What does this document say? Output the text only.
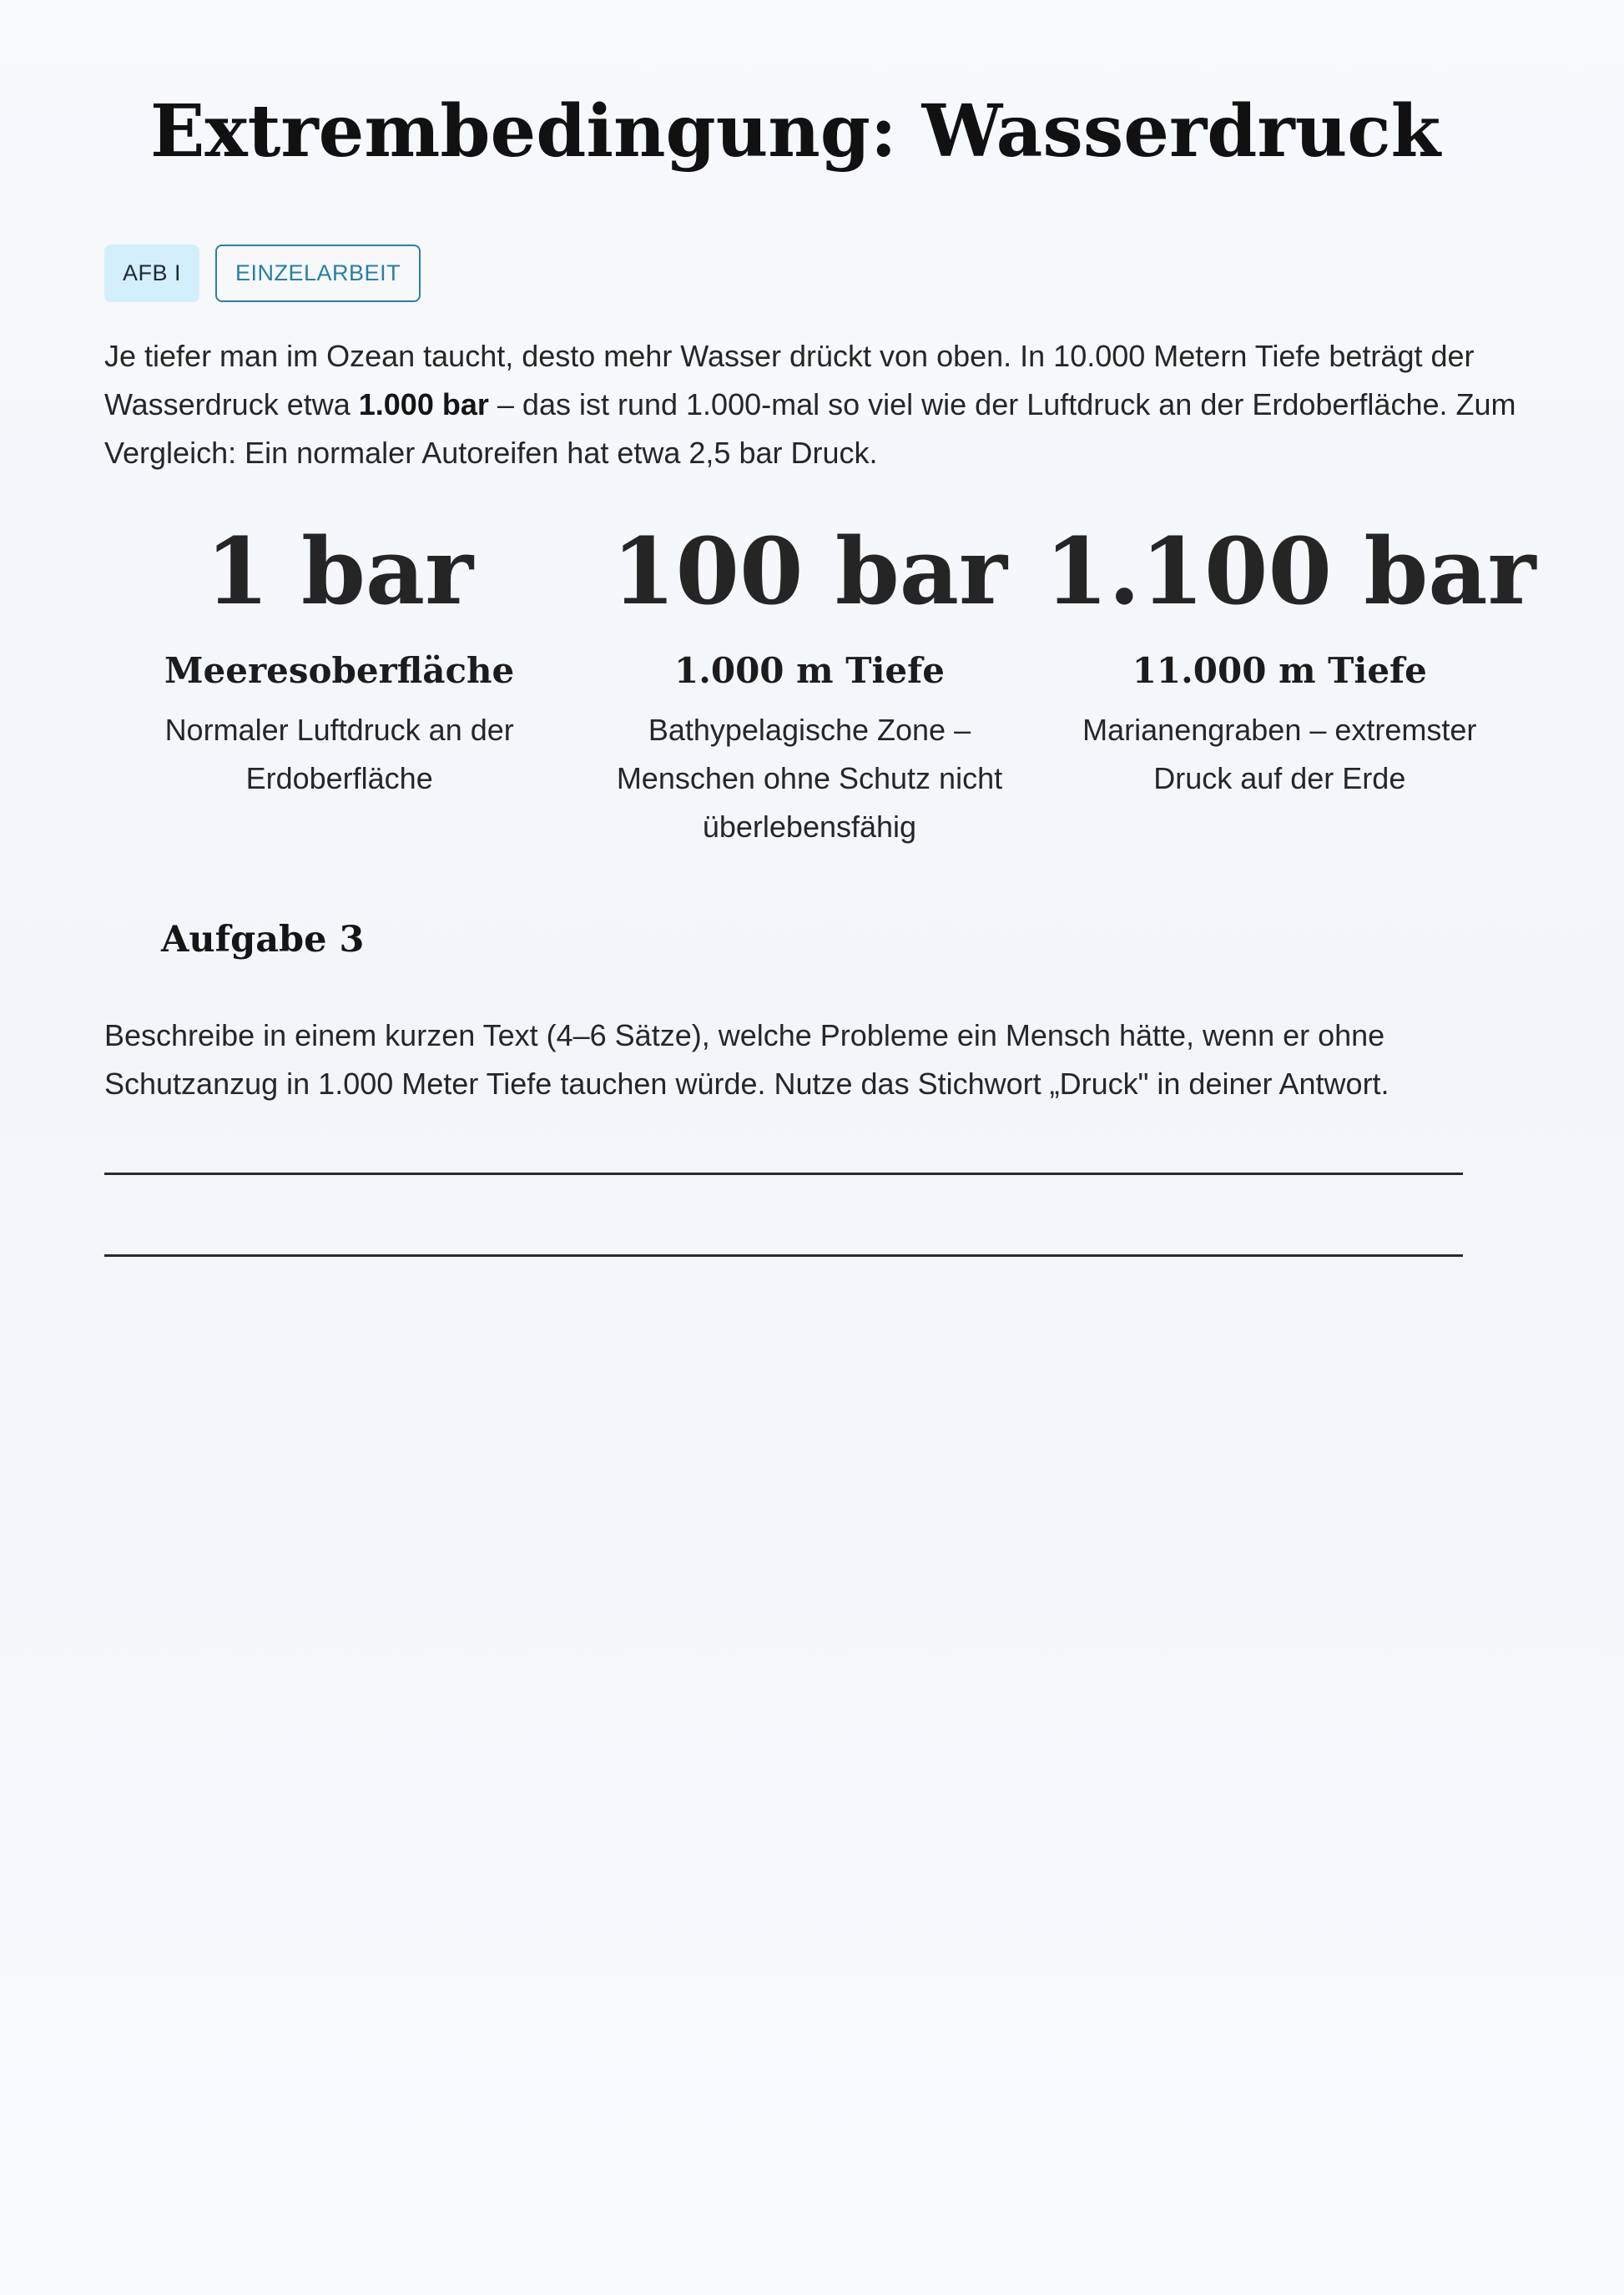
Extrembedingung: Wasserdruck
AFB I	EINZELARBEIT

Je tiefer man im Ozean taucht, desto mehr Wasser drückt von oben. In 10.000 Metern Tiefe beträgt der Wasserdruck etwa 1.000 bar – das ist rund 1.000-mal so viel wie der Luftdruck an der Erdoberfläche. Zum Vergleich: Ein normaler Autoreifen hat etwa 2,5 bar Druck.

1 bar
Meeresoberfläche
Normaler Luftdruck an der Erdoberfläche
100 bar
1.000 m Tiefe
Bathypelagische Zone – Menschen ohne Schutz nicht überlebensfähig
1.100 bar
11.000 m Tiefe
Marianengraben – extremster Druck auf der Erde
Aufgabe 3

Beschreibe in einem kurzen Text (4–6 Sätze), welche Probleme ein Mensch hätte, wenn er ohne Schutzanzug in 1.000 Meter Tiefe tauchen würde. Nutze das Stichwort „Druck" in deiner Antwort.
